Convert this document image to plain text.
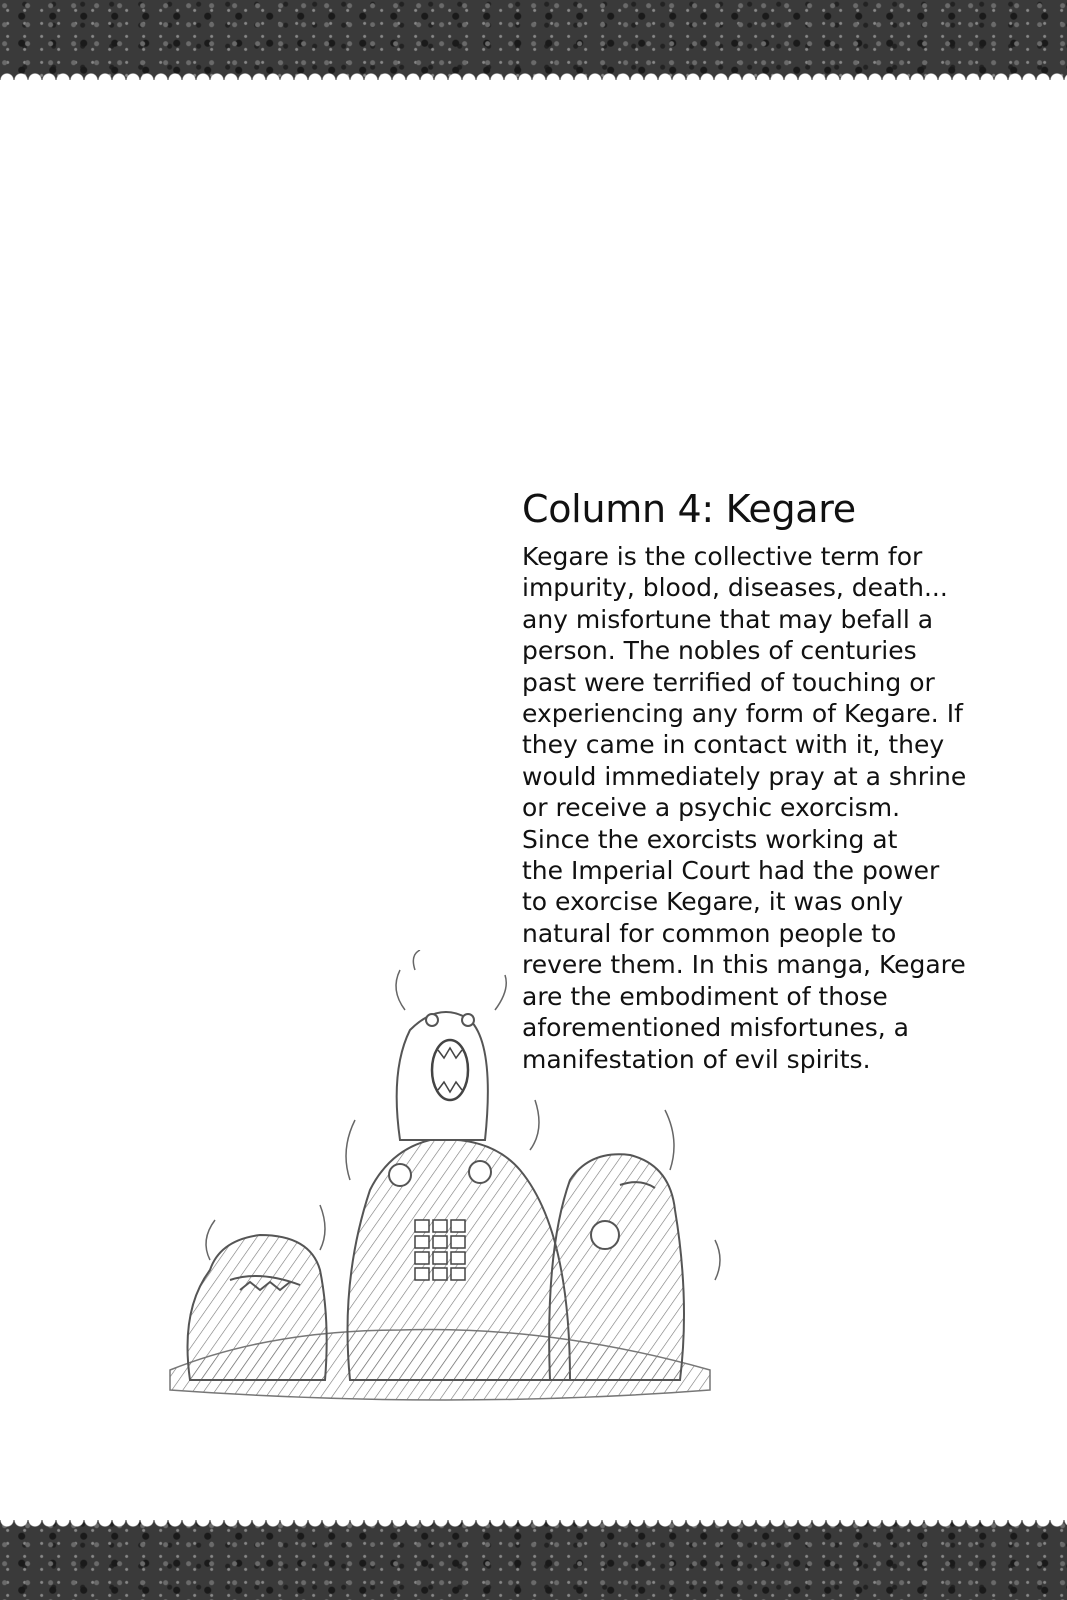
Column 4: Kegare

Kegare is the collective term for
impurity, blood, diseases, death...
any misfortune that may befall a
person. The nobles of centuries
past were terrified of touching or
experiencing any form of Kegare. If
they came in contact with it, they
would immediately pray at a shrine
or receive a psychic exorcism.
Since the exorcists working at
the Imperial Court had the power
to exorcise Kegare, it was only
natural for common people to
revere them. In this manga, Kegare
are the embodiment of those
aforementioned misfortunes, a
manifestation of evil spirits.
